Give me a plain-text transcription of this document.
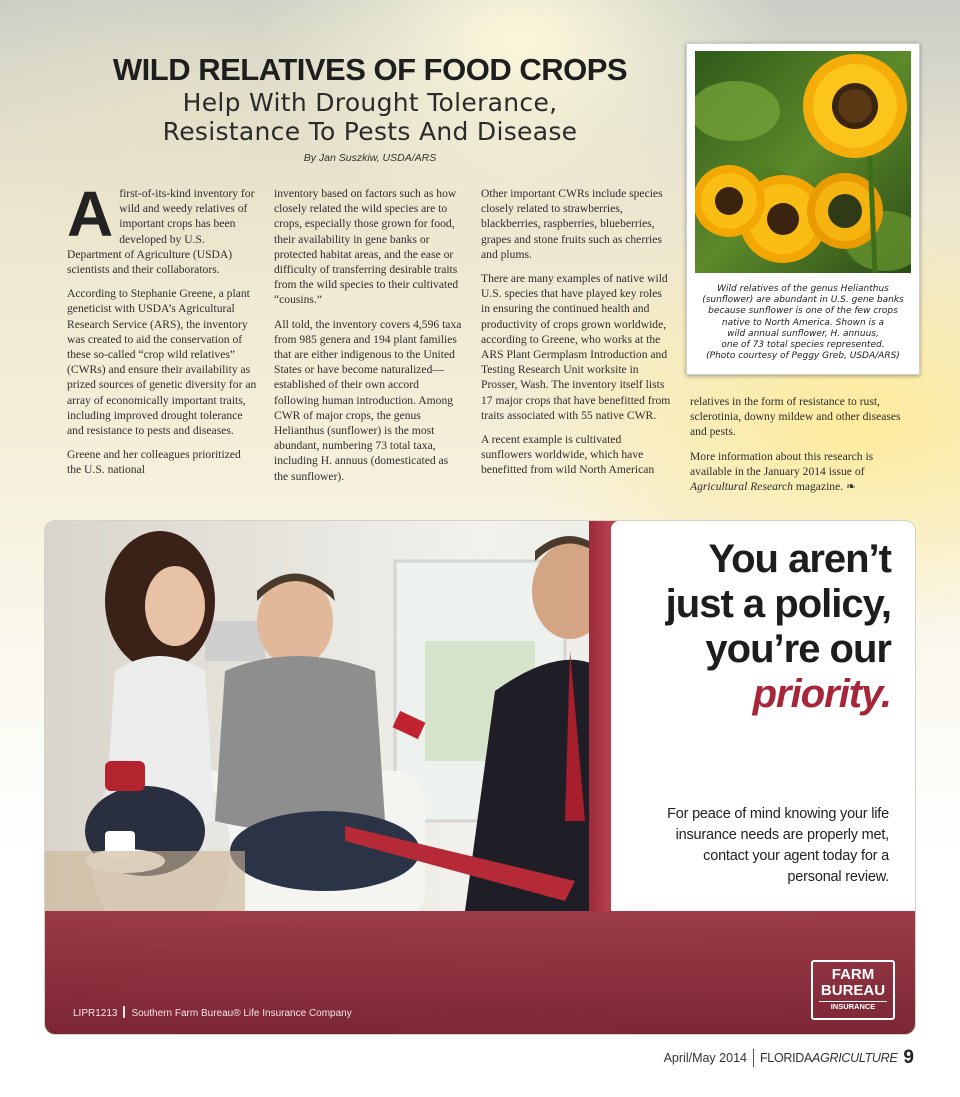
WILD RELATIVES OF FOOD CROPS
Help With Drought Tolerance,
Resistance To Pests And Disease
By Jan Suszkiw, USDA/ARS

A first-of-its-kind inventory for wild and weedy relatives of important crops has been developed by U.S. Department of Agriculture (USDA) scientists and their collaborators.

According to Stephanie Greene, a plant geneticist with USDA’s Agricultural Research Service (ARS), the inventory was created to aid the conservation of these so-called “crop wild relatives” (CWRs) and ensure their availability as prized sources of genetic diversity for an array of economically important traits, including improved drought tolerance and resistance to pests and diseases.

Greene and her colleagues prioritized the U.S. national

inventory based on factors such as how closely related the wild species are to crops, especially those grown for food, their availability in gene banks or protected habitat areas, and the ease or difficulty of transferring desirable traits from the wild species to their cultivated “cousins.”

All told, the inventory covers 4,596 taxa from 985 genera and 194 plant families that are either indigenous to the United States or have become naturalized—established of their own accord following human introduction. Among CWR of major crops, the genus Helianthus (sunflower) is the most abundant, numbering 73 total taxa, including H. annuus (domesticated as the sunflower).

Other important CWRs include species closely related to strawberries, blackberries, raspberries, blueberries, grapes and stone fruits such as cherries and plums.

There are many examples of native wild U.S. species that have played key roles in ensuring the continued health and productivity of crops grown worldwide, according to Greene, who works at the ARS Plant Germplasm Introduction and Testing Research Unit worksite in Prosser, Wash. The inventory itself lists 17 major crops that have benefitted from traits associated with 55 native CWR.

A recent example is cultivated sunflowers worldwide, which have benefitted from wild North American

Wild relatives of the genus Helianthus
(sunflower) are abundant in U.S. gene banks
because sunflower is one of the few crops
native to North America. Shown is a
wild annual sunflower, H. annuus,
one of 73 total species represented.
(Photo courtesy of Peggy Greb, USDA/ARS)

relatives in the form of resistance to rust, sclerotinia, downy mildew and other diseases and pests.

More information about this research is available in the January 2014 issue of Agricultural Research magazine. ❧

You aren’t
just a policy,
you’re our
priority.
For peace of mind knowing your life
insurance needs are properly met,
contact your agent today for a
personal review.
LIPR1213 Southern Farm Bureau® Life Insurance Company
FARM
BUREAU
INSURANCE
April/May 2014 FLORIDAAGRICULTURE 9
